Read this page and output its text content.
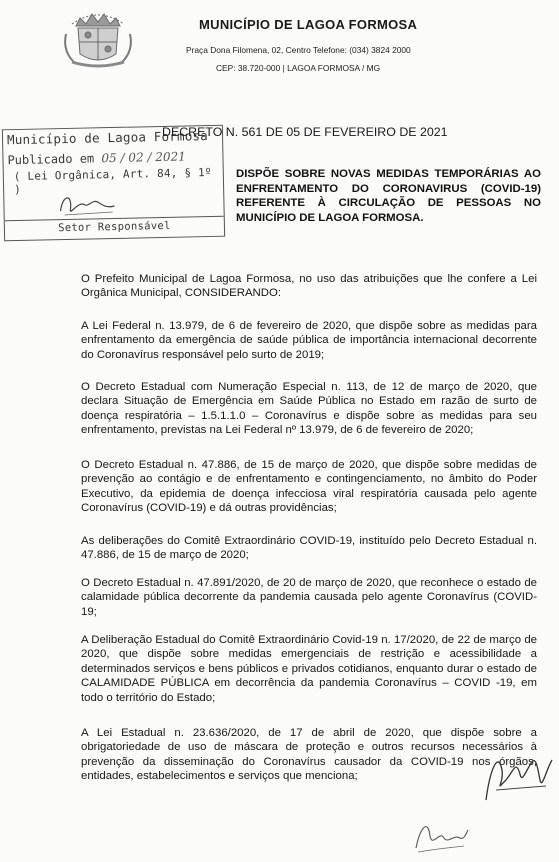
MUNICÍPIO DE LAGOA FORMOSA
Praça Dona Filomena, 02, Centro Telefone: (034) 3824 2000
CEP: 38.720-000 | LAGOA FORMOSA / MG
Município de Lagoa Formosa
Publicado em 05 / 02 / 2021
( Lei Orgânica, Art. 84, § 1º )
Setor Responsável
DECRETO N. 561 DE 05 DE FEVEREIRO DE 2021
DISPÕE SOBRE NOVAS MEDIDAS TEMPORÁRIAS AO ENFRENTAMENTO DO CORONAVIRUS (COVID-19) REFERENTE À CIRCULAÇÃO DE PESSOAS NO MUNICÍPIO DE LAGOA FORMOSA.
O Prefeito Municipal de Lagoa Formosa, no uso das atribuições que lhe confere a Lei Orgânica Municipal, CONSIDERANDO:
A Lei Federal n. 13.979, de 6 de fevereiro de 2020, que dispõe sobre as medidas para enfrentamento da emergência de saúde pública de importância internacional decorrente do Coronavírus responsável pelo surto de 2019;
O Decreto Estadual com Numeração Especial n. 113, de 12 de março de 2020, que declara Situação de Emergência em Saúde Pública no Estado em razão de surto de doença respiratória – 1.5.1.1.0 – Coronavírus e dispõe sobre as medidas para seu enfrentamento, previstas na Lei Federal nº 13.979, de 6 de fevereiro de 2020;
O Decreto Estadual n. 47.886, de 15 de março de 2020, que dispõe sobre medidas de prevenção ao contágio e de enfrentamento e contingenciamento, no âmbito do Poder Executivo, da epidemia de doença infecciosa viral respiratória causada pelo agente Coronavírus (COVID-19) e dá outras providências;
As deliberações do Comitê Extraordinário COVID-19, instituído pelo Decreto Estadual n. 47.886, de 15 de março de 2020;
O Decreto Estadual n. 47.891/2020, de 20 de março de 2020, que reconhece o estado de calamidade pública decorrente da pandemia causada pelo agente Coronavírus (COVID-19;
A Deliberação Estadual do Comitê Extraordinário Covid-19 n. 17/2020, de 22 de março de 2020, que dispõe sobre medidas emergenciais de restrição e acessibilidade a determinados serviços e bens públicos e privados cotidianos, enquanto durar o estado de CALAMIDADE PÚBLICA em decorrência da pandemia Coronavírus – COVID -19, em todo o território do Estado;
A Lei Estadual n. 23.636/2020, de 17 de abril de 2020, que dispõe sobre a obrigatoriedade de uso de máscara de proteção e outros recursos necessários à prevenção da disseminação do Coronavírus causador da COVID-19 nos órgãos, entidades, estabelecimentos e serviços que menciona;
